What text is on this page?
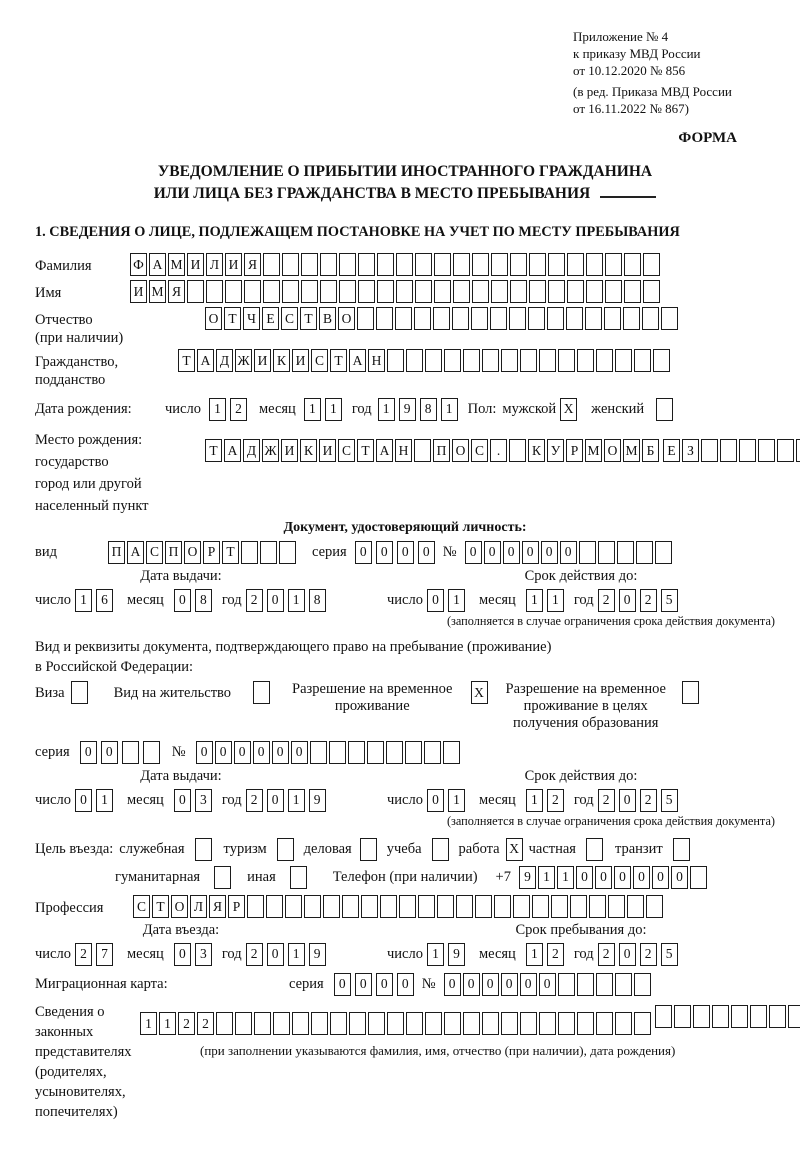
Приложение № 4
к приказу МВД России
от 10.12.2020 № 856
(в ред. Приказа МВД России
от 16.11.2022 № 867)
ФОРМА
УВЕДОМЛЕНИЕ О ПРИБЫТИИ ИНОСТРАННОГО ГРАЖДАНИНА
ИЛИ ЛИЦА БЕЗ ГРАЖДАНСТВА В МЕСТО ПРЕБЫВАНИЯ
1. СВЕДЕНИЯ О ЛИЦЕ, ПОДЛЕЖАЩЕМ ПОСТАНОВКЕ НА УЧЕТ ПО МЕСТУ ПРЕБЫВАНИЯ
Фамилия	Ф А М И Л И Я
Имя	И М Я
Отчество
(при наличии)
О Т Ч Е С Т В О
Гражданство,
подданство
Т А Д Ж И К И С Т А Н
Дата рождения:	число 1	2	месяц 1	1	год 1	9	8	1	Пол: мужской X женский
Место рождения:
государство
город или другой
населенный пункт
Т А Д Ж И К И С Т А Н П О С .	К У Р М О М Б
Е З

Документ, удостоверяющий личность:
вид	П А С П О Р Т	серия 0	0	0	0 № 0 0 0 0 0 0
Дата выдачи:
число 1	6	месяц	0	8	год 2	0	1	8
Срок действия до:
число 0	1	месяц	1	1	год 2	0	2	5
(заполняется в случае ограничения срока действия документа)
Вид и реквизиты документа, подтверждающего право на пребывание (проживание)
в Российской Федерации:
Виза	Вид на жительство	Разрешение на временное
проживание
X Разрешение на временное
проживание в целях
получения образования
серия	0	0	№	0 0 0 0 0 0
Дата выдачи:
число 0	1	месяц	0	3	год 2	0	1	9
Срок действия до:
число 0	1	месяц	1	2	год 2	0	2	5
(заполняется в случае ограничения срока действия документа)
Цель въезда: служебная	туризм	деловая учеба	работа X частная	транзит
гуманитарная	иная	Телефон (при наличии) +7 9 1 1 0 0 0 0 0 0
Профессия	С Т О Л Я Р
Дата въезда:
число 2	7	месяц	0	3	год 2	0	1	9
Срок пребывания до:
число 1	9	месяц	1	2	год 2	0	2	5
Миграционная карта:	серия	0	0	0	0 № 0 0 0 0 0 0
Сведения о
законных
представителях
(родителях,
усыновителях,
попечителях)
1 1 2 2

(при заполнении указываются фамилия, имя, отчество (при наличии), дата рождения)
